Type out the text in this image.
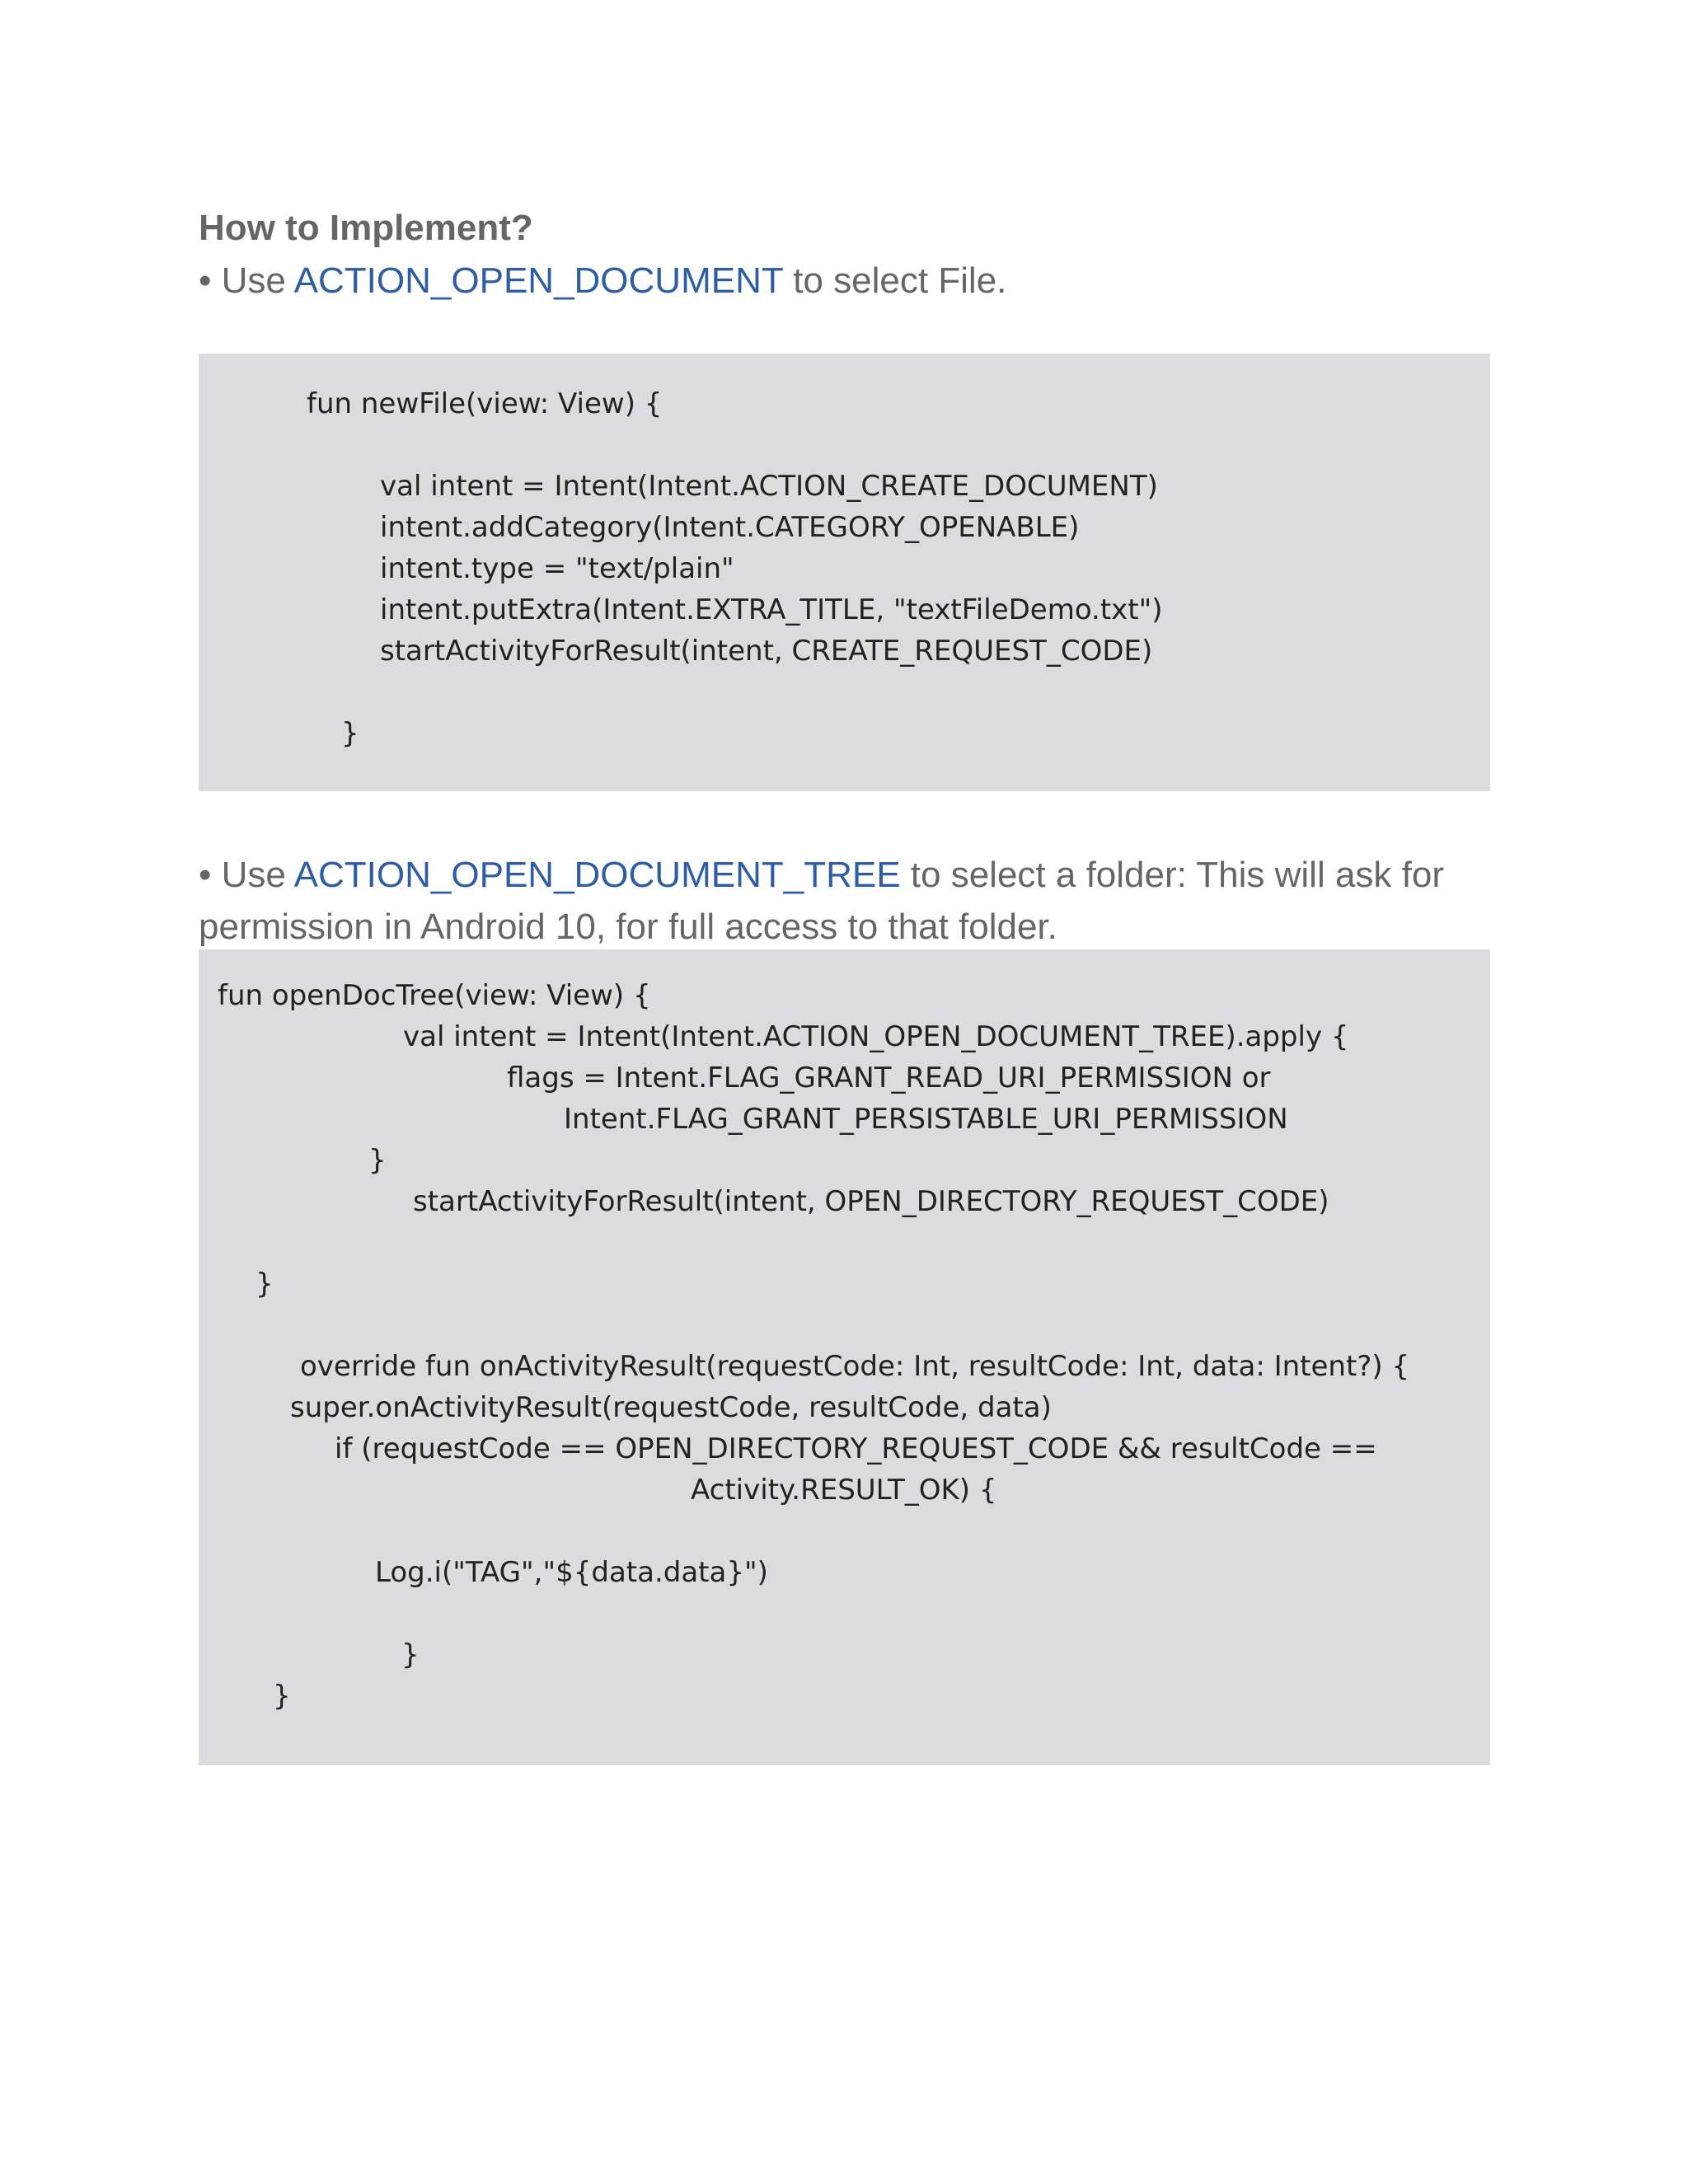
How to Implement?
• Use ACTION_OPEN_DOCUMENT to select File.
fun newFile(view: View) {
val intent = Intent(Intent.ACTION_CREATE_DOCUMENT)
intent.addCategory(Intent.CATEGORY_OPENABLE)
intent.type = "text/plain"
intent.putExtra(Intent.EXTRA_TITLE, "textFileDemo.txt")
startActivityForResult(intent, CREATE_REQUEST_CODE)
}
• Use ACTION_OPEN_DOCUMENT_TREE to select a folder: This will ask for permission in Android 10, for full access to that folder.
fun openDocTree(view: View) {
val intent = Intent(Intent.ACTION_OPEN_DOCUMENT_TREE).apply {
flags = Intent.FLAG_GRANT_READ_URI_PERMISSION or
Intent.FLAG_GRANT_PERSISTABLE_URI_PERMISSION
}
startActivityForResult(intent, OPEN_DIRECTORY_REQUEST_CODE)
}
override fun onActivityResult(requestCode: Int, resultCode: Int, data: Intent?) {
super.onActivityResult(requestCode, resultCode, data)
if (requestCode == OPEN_DIRECTORY_REQUEST_CODE && resultCode ==
Activity.RESULT_OK) {
Log.i("TAG","${data.data}")
}
}
